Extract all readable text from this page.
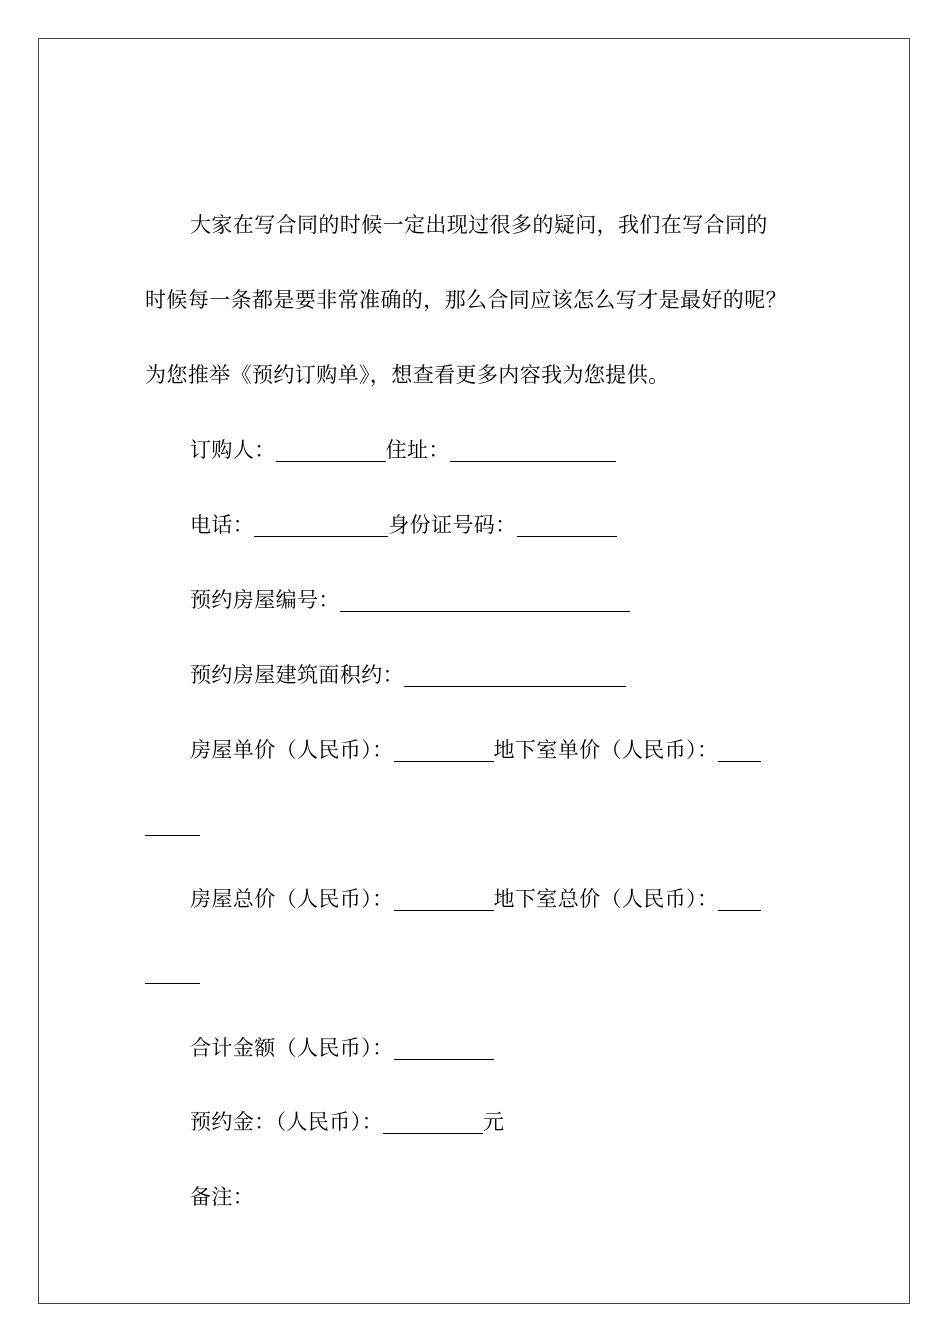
大家在写合同的时候一定出现过很多的疑问，我们在写合同的
时候每一条都是要非常准确的，那么合同应该怎么写才是最好的呢？
为您推举《预约订购单》，想查看更多内容我为您提供。
订购人：	住址：
电话：	身份证号码：
预约房屋编号：
预约房屋建筑面积约：
房屋单价（人民币）：	地下室单价（人民币）：
房屋总价（人民币）：	地下室总价（人民币）：
合计金额（人民币）：
预约金：（人民币）：	元
备注：
